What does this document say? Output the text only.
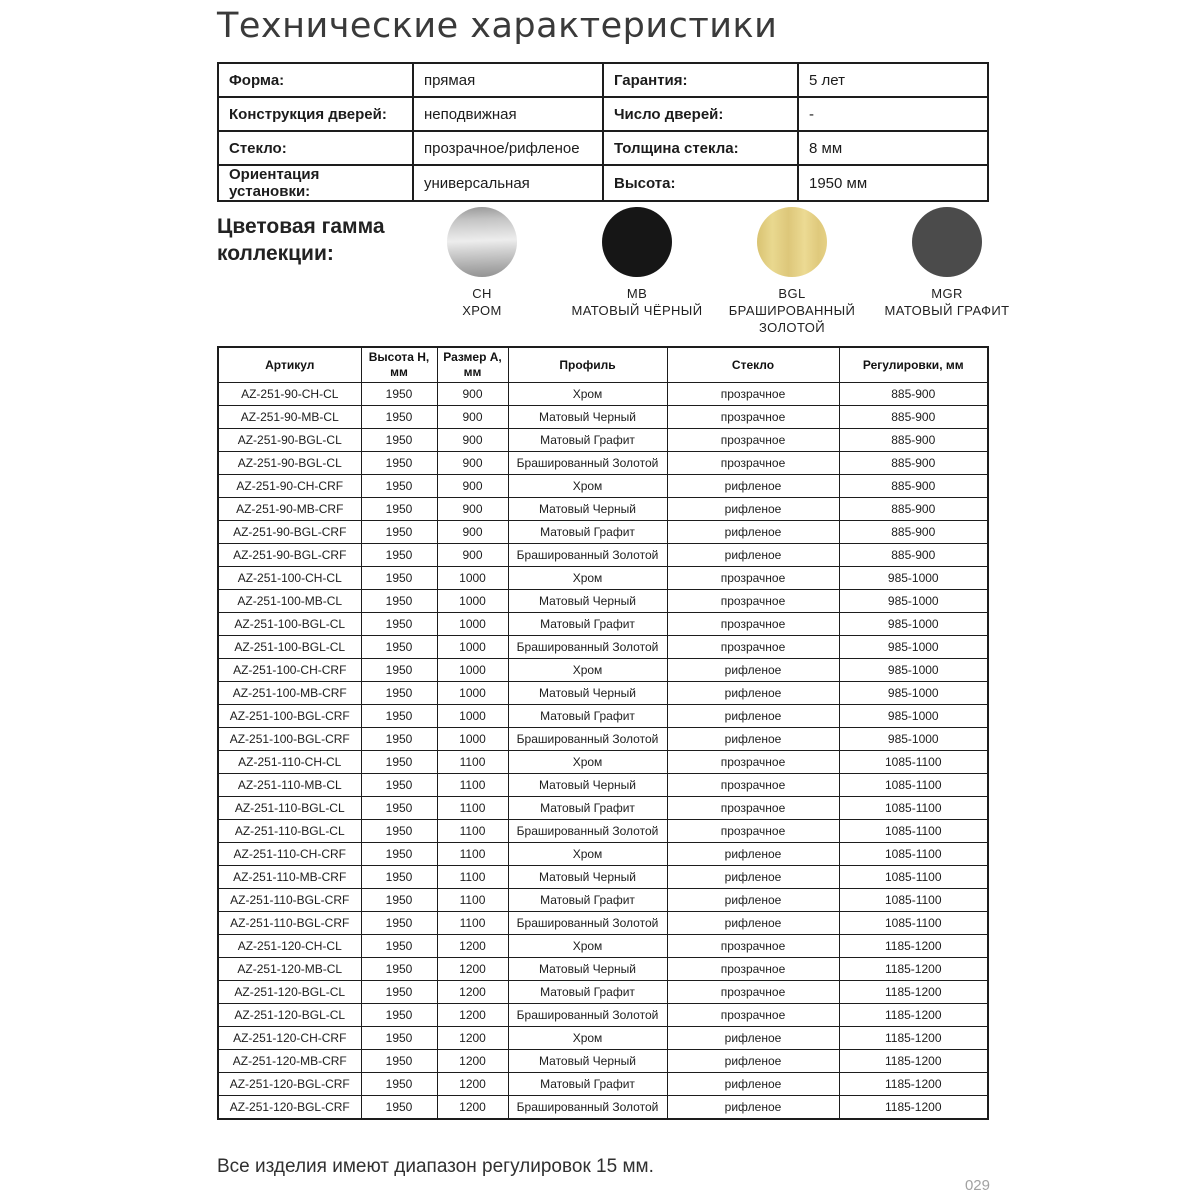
Технические характеристики
Форма:	прямая	Гарантия:	5 лет
Конструкция дверей:	неподвижная	Число дверей:	-
Стекло:	прозрачное/рифленое	Толщина стекла:	8 мм
Ориентация установки:	универсальная	Высота:	1950 мм
Цветовая гамма коллекции:
CH
ХРОМ
MB
МАТОВЫЙ ЧЁРНЫЙ
BGL
БРАШИРОВАННЫЙ ЗОЛОТОЙ
MGR
МАТОВЫЙ ГРАФИТ
Артикул	Высота H, мм	Размер A, мм	Профиль	Стекло	Регулировки, мм
AZ-251-90-CH-CL	1950	900	Хром	прозрачное	885-900
AZ-251-90-MB-CL	1950	900	Матовый Черный	прозрачное	885-900
AZ-251-90-BGL-CL	1950	900	Матовый Графит	прозрачное	885-900
AZ-251-90-BGL-CL	1950	900	Брашированный Золотой	прозрачное	885-900
AZ-251-90-CH-CRF	1950	900	Хром	рифленое	885-900
AZ-251-90-MB-CRF	1950	900	Матовый Черный	рифленое	885-900
AZ-251-90-BGL-CRF	1950	900	Матовый Графит	рифленое	885-900
AZ-251-90-BGL-CRF	1950	900	Брашированный Золотой	рифленое	885-900
AZ-251-100-CH-CL	1950	1000	Хром	прозрачное	985-1000
AZ-251-100-MB-CL	1950	1000	Матовый Черный	прозрачное	985-1000
AZ-251-100-BGL-CL	1950	1000	Матовый Графит	прозрачное	985-1000
AZ-251-100-BGL-CL	1950	1000	Брашированный Золотой	прозрачное	985-1000
AZ-251-100-CH-CRF	1950	1000	Хром	рифленое	985-1000
AZ-251-100-MB-CRF	1950	1000	Матовый Черный	рифленое	985-1000
AZ-251-100-BGL-CRF	1950	1000	Матовый Графит	рифленое	985-1000
AZ-251-100-BGL-CRF	1950	1000	Брашированный Золотой	рифленое	985-1000
AZ-251-110-CH-CL	1950	1100	Хром	прозрачное	1085-1100
AZ-251-110-MB-CL	1950	1100	Матовый Черный	прозрачное	1085-1100
AZ-251-110-BGL-CL	1950	1100	Матовый Графит	прозрачное	1085-1100
AZ-251-110-BGL-CL	1950	1100	Брашированный Золотой	прозрачное	1085-1100
AZ-251-110-CH-CRF	1950	1100	Хром	рифленое	1085-1100
AZ-251-110-MB-CRF	1950	1100	Матовый Черный	рифленое	1085-1100
AZ-251-110-BGL-CRF	1950	1100	Матовый Графит	рифленое	1085-1100
AZ-251-110-BGL-CRF	1950	1100	Брашированный Золотой	рифленое	1085-1100
AZ-251-120-CH-CL	1950	1200	Хром	прозрачное	1185-1200
AZ-251-120-MB-CL	1950	1200	Матовый Черный	прозрачное	1185-1200
AZ-251-120-BGL-CL	1950	1200	Матовый Графит	прозрачное	1185-1200
AZ-251-120-BGL-CL	1950	1200	Брашированный Золотой	прозрачное	1185-1200
AZ-251-120-CH-CRF	1950	1200	Хром	рифленое	1185-1200
AZ-251-120-MB-CRF	1950	1200	Матовый Черный	рифленое	1185-1200
AZ-251-120-BGL-CRF	1950	1200	Матовый Графит	рифленое	1185-1200
AZ-251-120-BGL-CRF	1950	1200	Брашированный Золотой	рифленое	1185-1200
Все изделия имеют диапазон регулировок 15 мм.
029
